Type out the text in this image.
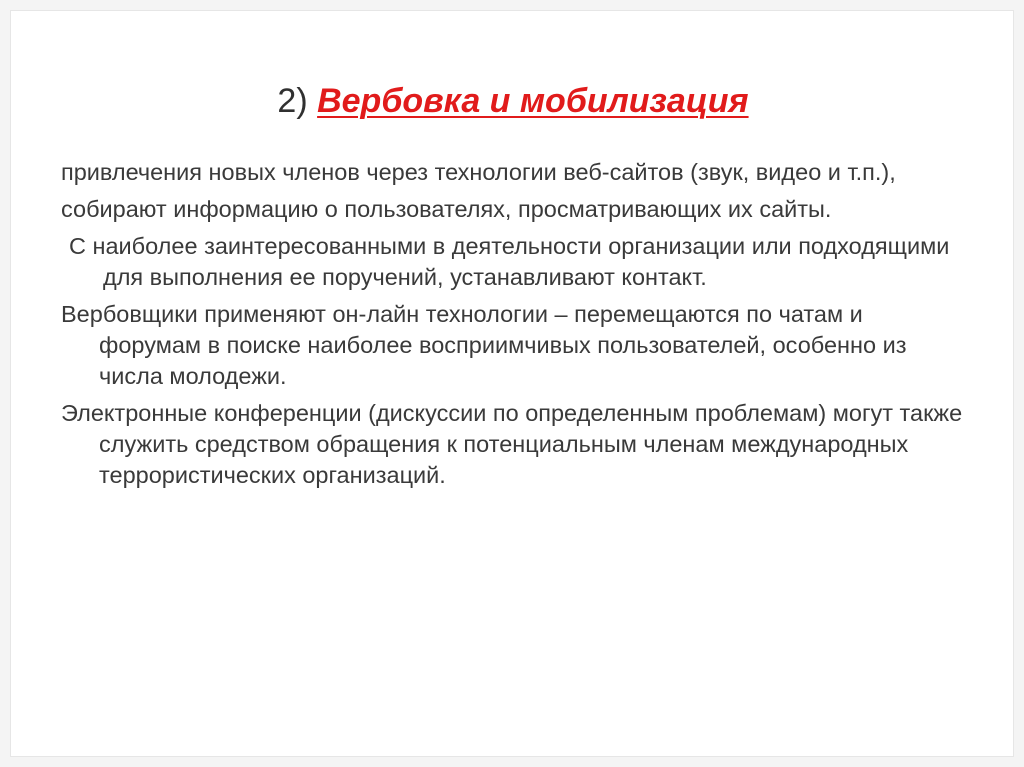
2) Вербовка и мобилизация

привлечения новых членов через технологии веб-сайтов (звук, видео и т.п.),

собирают информацию о пользователях, просматривающих их сайты.

С наиболее заинтересованными в деятельности организации или подходящими для выполнения ее поручений, устанавливают контакт.

Вербовщики применяют он-лайн технологии – перемещаются по чатам и форумам в поиске наиболее восприимчивых пользователей, особенно из числа молодежи.

Электронные конференции (дискуссии по определенным проблемам) могут также служить средством обращения к потенциальным членам международных террористических организаций.
